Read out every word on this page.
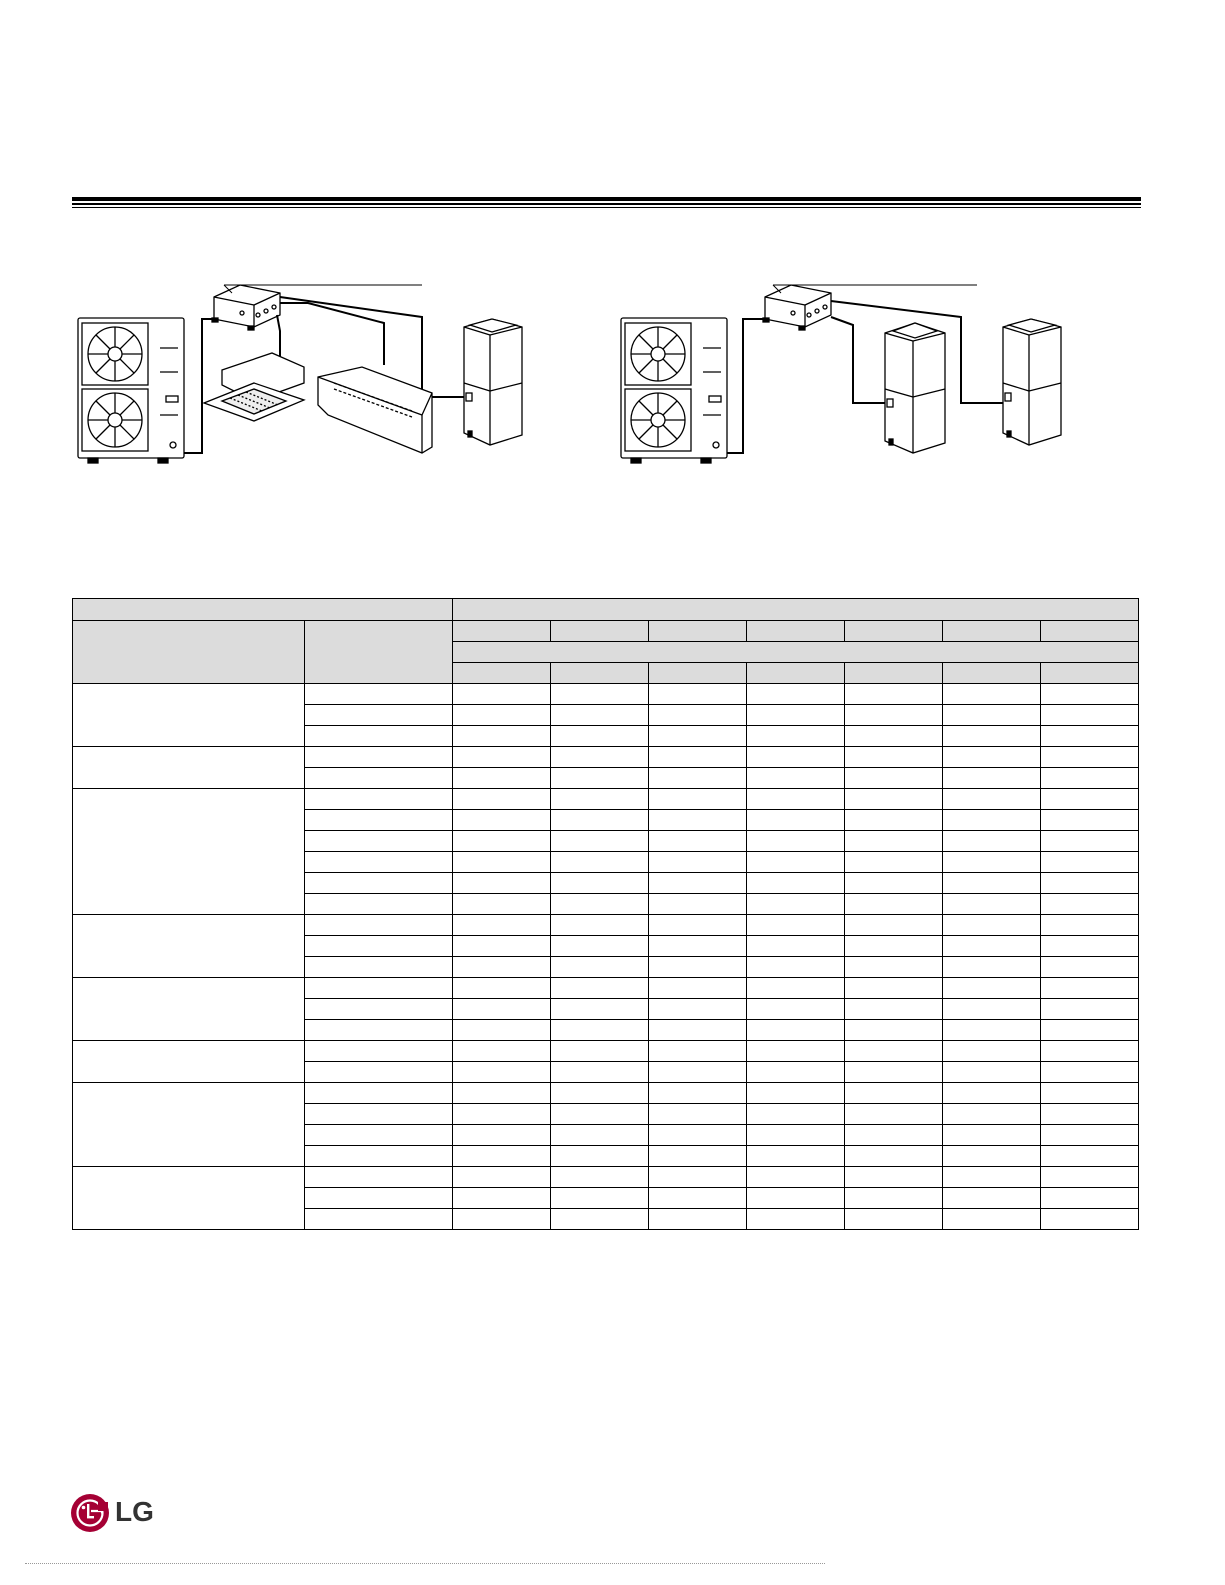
LG
